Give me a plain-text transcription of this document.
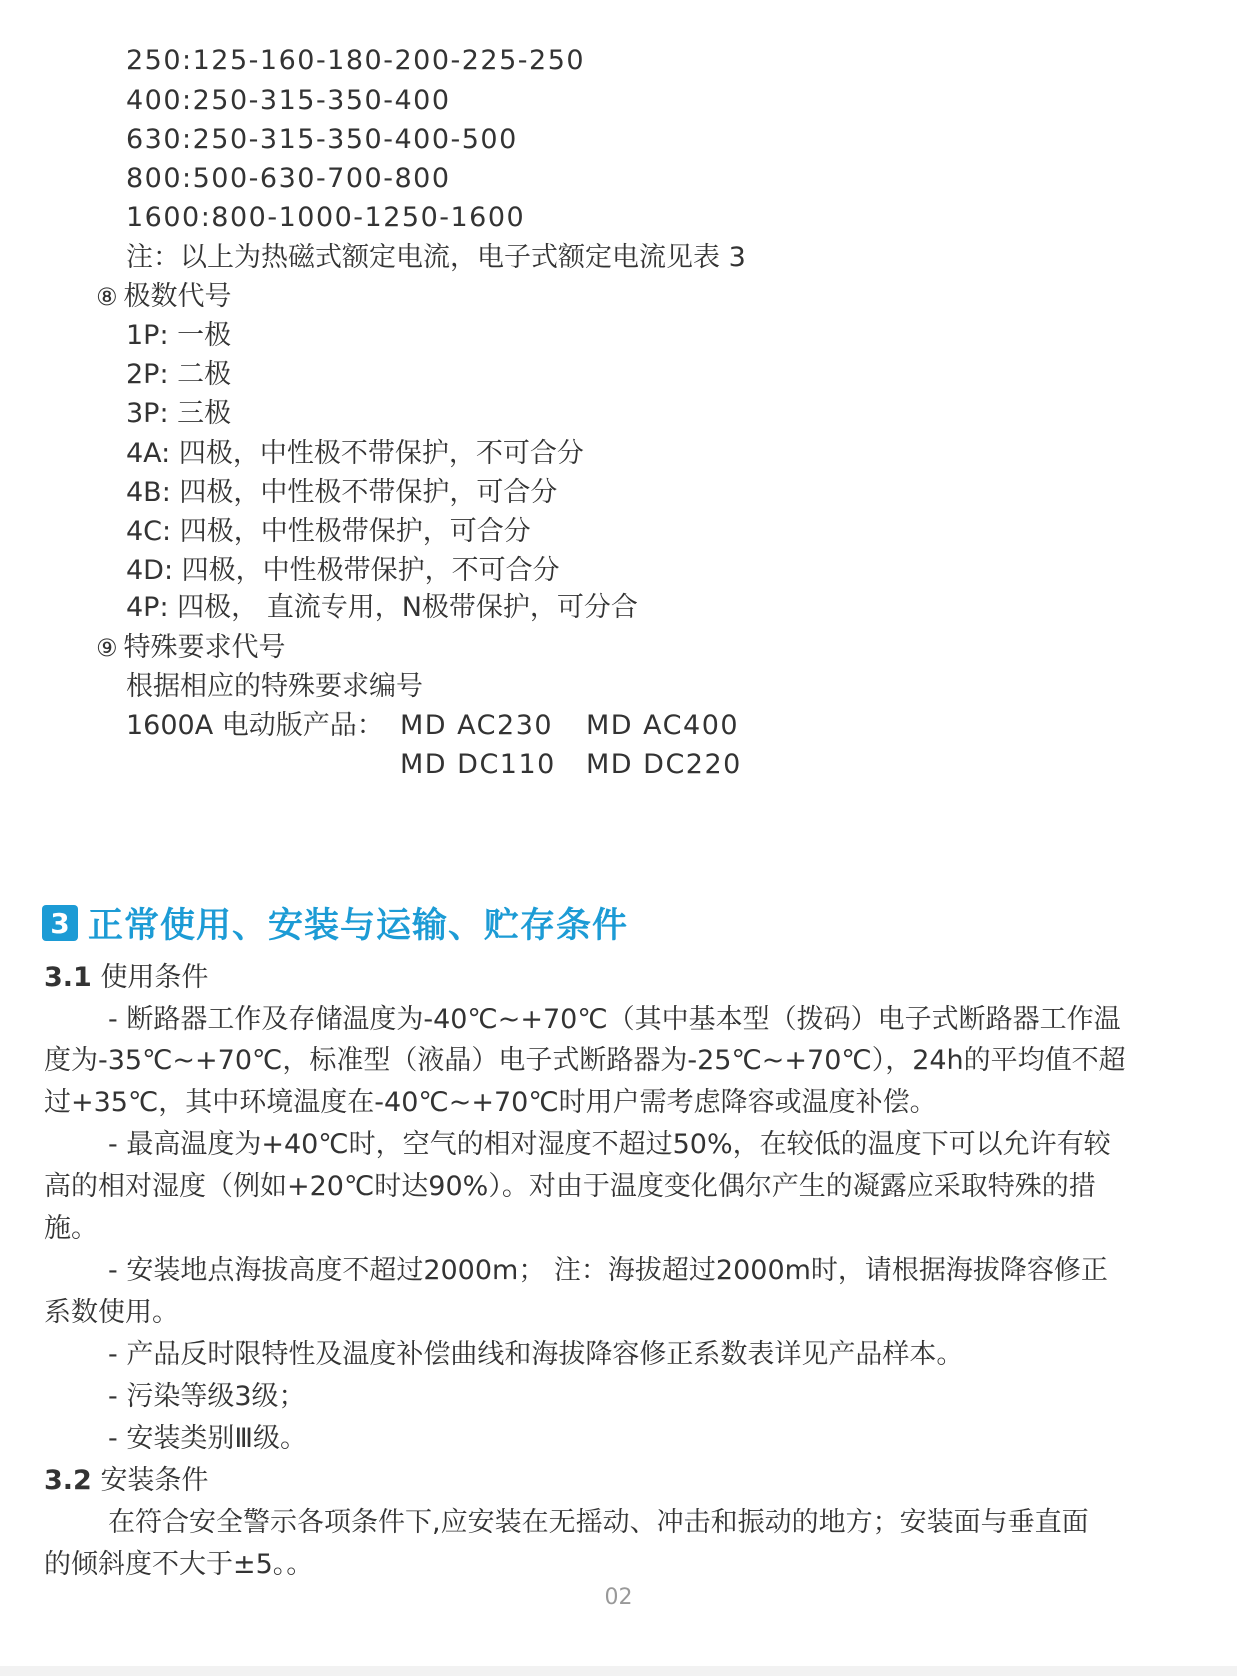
250:125-160-180-200-225-250
400:250-315-350-400
630:250-315-350-400-500
800:500-630-700-800
1600:800-1000-1250-1600
注：以上为热磁式额定电流，电子式额定电流见表 3
⑧ 极数代号
1P: 一极
2P: 二极
3P: 三极
4A: 四极，中性极不带保护，不可合分
4B: 四极，中性极不带保护，可合分
4C: 四极，中性极带保护，可合分
4D: 四极，中性极带保护，不可合分
4P: 四极， 直流专用，N极带保护，可分合
⑨ 特殊要求代号
根据相应的特殊要求编号
1600A 电动版产品： MD AC230 MD AC400
MD DC110 MD DC220
3 正常使用、安装与运输、贮存条件
3.1 使用条件
- 断路器工作及存储温度为-40℃~+70℃（其中基本型（拨码）电子式断路器工作温
度为-35℃~+70℃，标准型（液晶）电子式断路器为-25℃~+70℃），24h的平均值不超
过+35℃，其中环境温度在-40℃~+70℃时用户需考虑降容或温度补偿。
- 最高温度为+40℃时，空气的相对湿度不超过50%，在较低的温度下可以允许有较
高的相对湿度（例如+20℃时达90%）。对由于温度变化偶尔产生的凝露应采取特殊的措
施。
- 安装地点海拔高度不超过2000m； 注：海拔超过2000m时，请根据海拔降容修正
系数使用。
- 产品反时限特性及温度补偿曲线和海拔降容修正系数表详见产品样本。
- 污染等级3级；
- 安装类别Ⅲ级。
3.2 安装条件
在符合安全警示各项条件下,应安装在无摇动、冲击和振动的地方；安装面与垂直面
的倾斜度不大于±5。。
02
